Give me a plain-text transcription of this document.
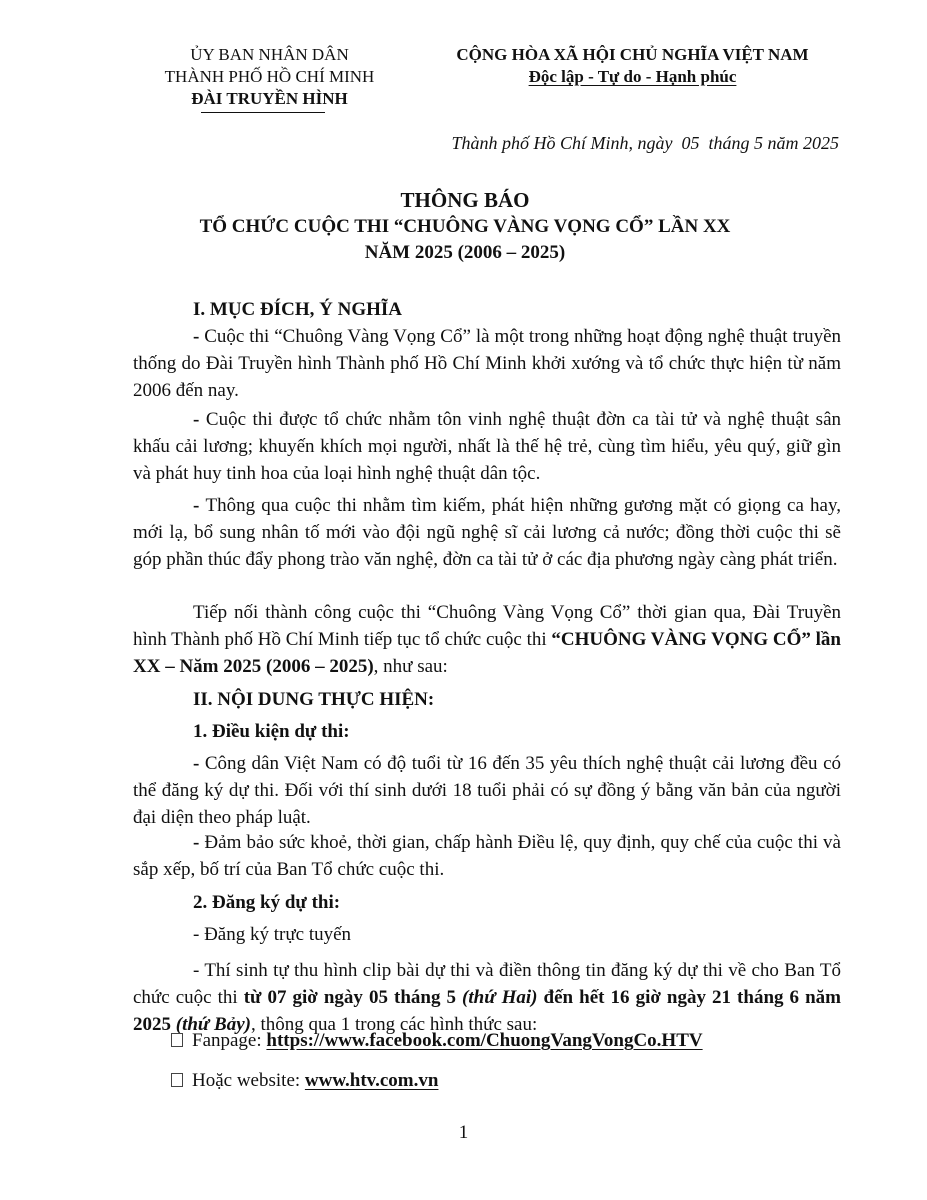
ỦY BAN NHÂN DÂN
THÀNH PHỐ HỒ CHÍ MINH
ĐÀI TRUYỀN HÌNH
CỘNG HÒA XÃ HỘI CHỦ NGHĨA VIỆT NAM
Độc lập - Tự do - Hạnh phúc
Thành phố Hồ Chí Minh, ngày  05  tháng 5 năm 2025
THÔNG BÁO
TỔ CHỨC CUỘC THI “CHUÔNG VÀNG VỌNG CỔ” LẦN XX
NĂM 2025 (2006 – 2025)
I. MỤC ĐÍCH, Ý NGHĨA
- Cuộc thi “Chuông Vàng Vọng Cổ” là một trong những hoạt động nghệ thuật truyền thống do Đài Truyền hình Thành phố Hồ Chí Minh khởi xướng và tổ chức thực hiện từ năm 2006 đến nay.
- Cuộc thi được tổ chức nhằm tôn vinh nghệ thuật đờn ca tài tử và nghệ thuật sân khấu cải lương; khuyến khích mọi người, nhất là thế hệ trẻ, cùng tìm hiểu, yêu quý, giữ gìn và phát huy tinh hoa của loại hình nghệ thuật dân tộc.
- Thông qua cuộc thi nhằm tìm kiếm, phát hiện những gương mặt có giọng ca hay, mới lạ, bổ sung nhân tố mới vào đội ngũ nghệ sĩ cải lương cả nước; đồng thời cuộc thi sẽ góp phần thúc đẩy phong trào văn nghệ, đờn ca tài tử ở các địa phương ngày càng phát triển.
Tiếp nối thành công cuộc thi “Chuông Vàng Vọng Cổ” thời gian qua, Đài Truyền hình Thành phố Hồ Chí Minh tiếp tục tổ chức cuộc thi “CHUÔNG VÀNG VỌNG CỔ” lần XX – Năm 2025 (2006 – 2025), như sau:
II. NỘI DUNG THỰC HIỆN:
1. Điều kiện dự thi:
- Công dân Việt Nam có độ tuổi từ 16 đến 35 yêu thích nghệ thuật cải lương đều có thể đăng ký dự thi. Đối với thí sinh dưới 18 tuổi phải có sự đồng ý bằng văn bản của người đại diện theo pháp luật.
- Đảm bảo sức khoẻ, thời gian, chấp hành Điều lệ, quy định, quy chế của cuộc thi và sắp xếp, bố trí của Ban Tổ chức cuộc thi.
2. Đăng ký dự thi:
- Đăng ký trực tuyến
- Thí sinh tự thu hình clip bài dự thi và điền thông tin đăng ký dự thi về cho Ban Tổ chức cuộc thi từ 07 giờ ngày 05 tháng 5 (thứ Hai) đến hết 16 giờ ngày 21 tháng 6 năm 2025 (thứ Bảy), thông qua 1 trong các hình thức sau:
Fanpage: https://www.facebook.com/ChuongVangVongCo.HTV
Hoặc website: www.htv.com.vn
1
